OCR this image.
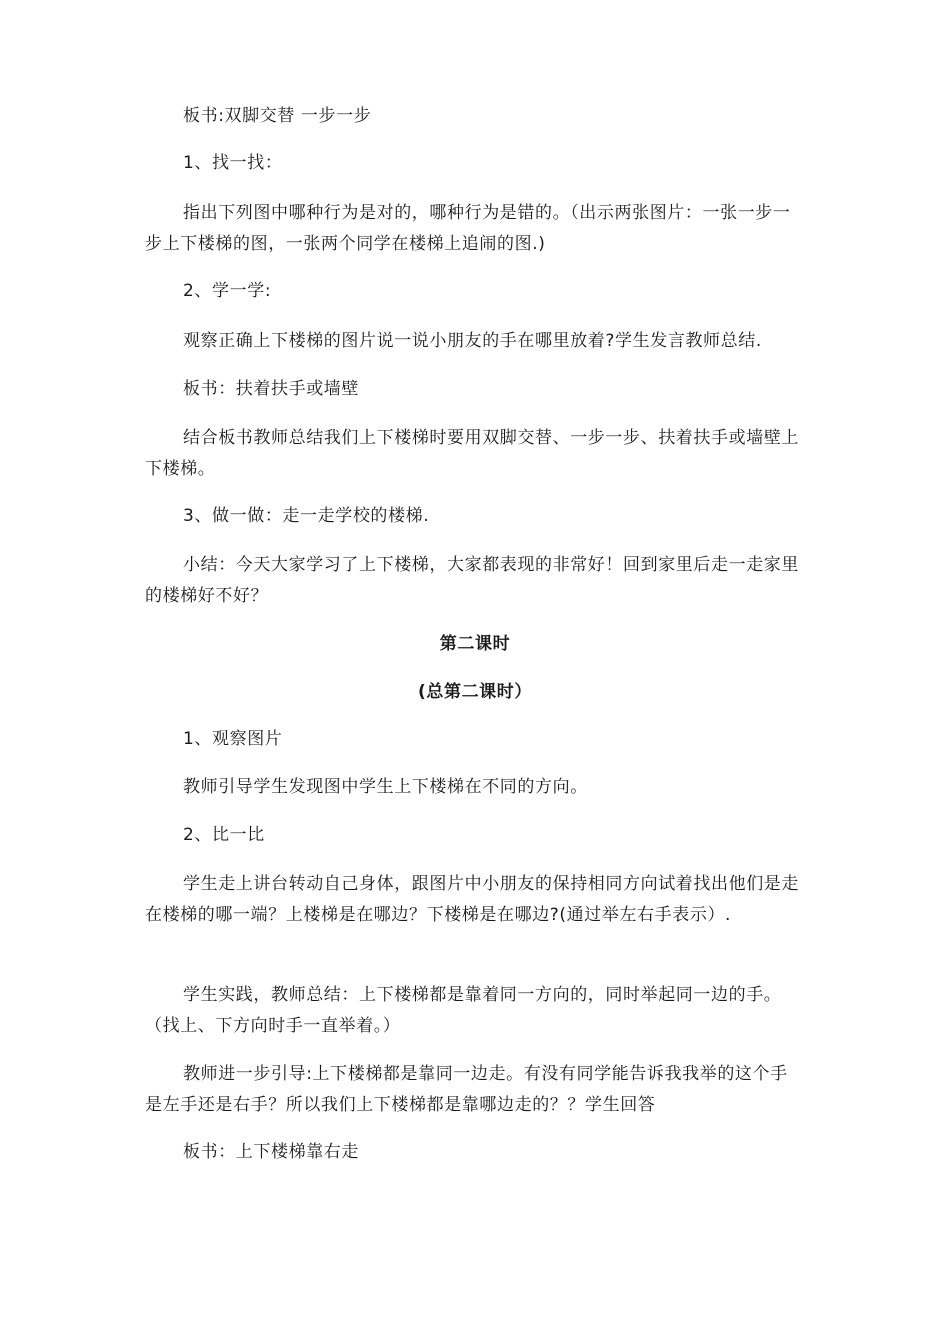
板书:双脚交替 一步一步

1、找一找：

指出下列图中哪种行为是对的，哪种行为是错的。（出示两张图片：一张一步一步上下楼梯的图，一张两个同学在楼梯上追闹的图.)

2、学一学:

观察正确上下楼梯的图片说一说小朋友的手在哪里放着?学生发言教师总结.

板书：扶着扶手或墙壁

结合板书教师总结我们上下楼梯时要用双脚交替、一步一步、扶着扶手或墙壁上下楼梯。

3、做一做：走一走学校的楼梯.

小结：今天大家学习了上下楼梯，大家都表现的非常好！回到家里后走一走家里的楼梯好不好？

第二课时

(总第二课时）

1、观察图片

教师引导学生发现图中学生上下楼梯在不同的方向。

2、比一比

学生走上讲台转动自己身体，跟图片中小朋友的保持相同方向试着找出他们是走在楼梯的哪一端？上楼梯是在哪边？下楼梯是在哪边?(通过举左右手表示）.

学生实践，教师总结：上下楼梯都是靠着同一方向的，同时举起同一边的手。（找上、下方向时手一直举着。）

教师进一步引导:上下楼梯都是靠同一边走。有没有同学能告诉我我举的这个手是左手还是右手？所以我们上下楼梯都是靠哪边走的？？学生回答

板书：上下楼梯靠右走
